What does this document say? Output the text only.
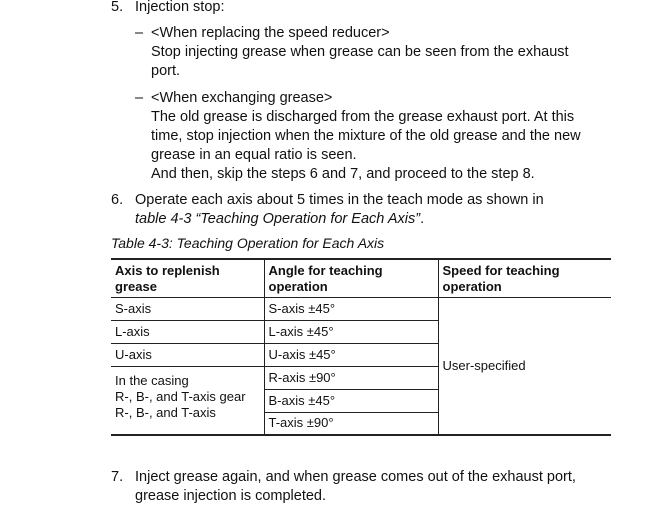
5. Injection stop:
– <When replacing the speed reducer>
Stop injecting grease when grease can be seen from the exhaust
port.
– <When exchanging grease>
The old grease is discharged from the grease exhaust port. At this
time, stop injection when the mixture of the old grease and the new
grease in an equal ratio is seen.
And then, skip the steps 6 and 7, and proceed to the step 8.
6. Operate each axis about 5 times in the teach mode as shown in
table 4-3 “Teaching Operation for Each Axis”.
Table 4-3: Teaching Operation for Each Axis
Axis to replenish grease	Angle for teaching operation	Speed for teaching operation
S-axis	S-axis ±45°	User-specified
L-axis	L-axis ±45°	
U-axis	U-axis ±45°	

In the casing
R-, B-, and T-axis gear
R-, B-, and T-axis	R-axis ±90°	
	B-axis ±45°	
	T-axis ±90°	
7. Inject grease again, and when grease comes out of the exhaust port,
grease injection is completed.
